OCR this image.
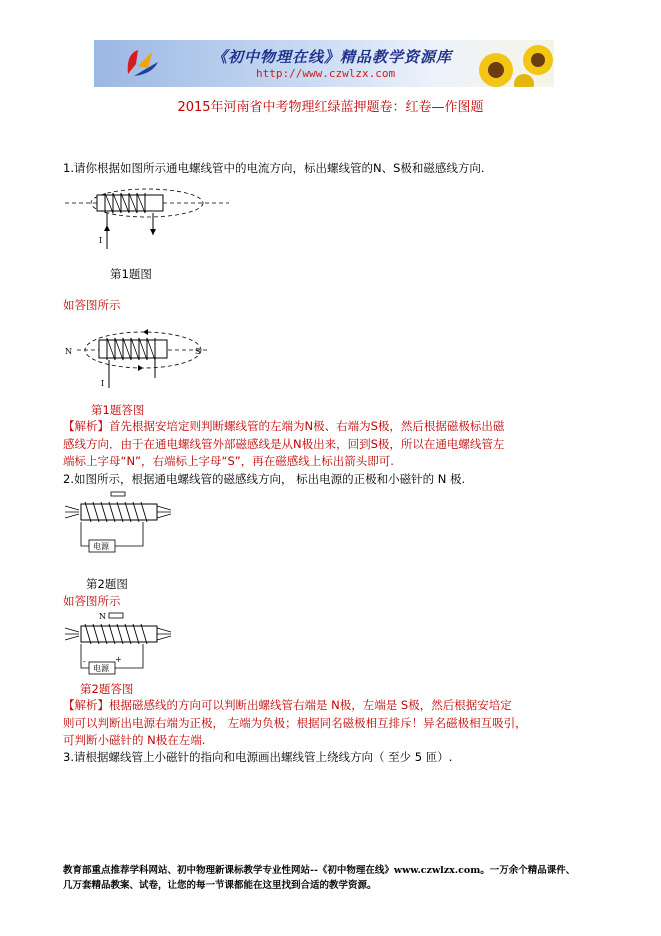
《初中物理在线》精品教学资源库
http://www.czwlzx.com
2015年河南省中考物理红绿蓝押题卷：红卷—作图题
1.请你根据如图所示通电螺线管中的电流方向，标出螺线管的N、S极和磁感线方向.
I
第1题图
如答图所示
N	S
I
第1题答图
【解析】首先根据安培定则判断螺线管的左端为N极、右端为S极，然后根据磁极标出磁
感线方向．由于在通电螺线管外部磁感线是从N极出来，回到S极，所以在通电螺线管左
端标上字母“N”，右端标上字母“S”，再在磁感线上标出箭头即可.
2.如图所示，根据通电螺线管的磁感线方向， 标出电源的正极和小磁针的 N 极.
电源
第2题图
如答图所示
N
电源
-	+
第2题答图
【解析】根据磁感线的方向可以判断出螺线管右端是 N极，左端是 S极，然后根据安培定
则可以判断出电源右端为正极， 左端为负极；根据同名磁极相互排斥！异名磁极相互吸引，
可判断小磁针的 N极在左端.
3.请根据螺线管上小磁针的指向和电源画出螺线管上绕线方向（ 至少 5 匝）.
教育部重点推荐学科网站、初中物理新课标教学专业性网站--《初中物理在线》www.czwlzx.com。一万余个精品课件、
几万套精品教案、试卷，让您的每一节课都能在这里找到合适的教学资源。
